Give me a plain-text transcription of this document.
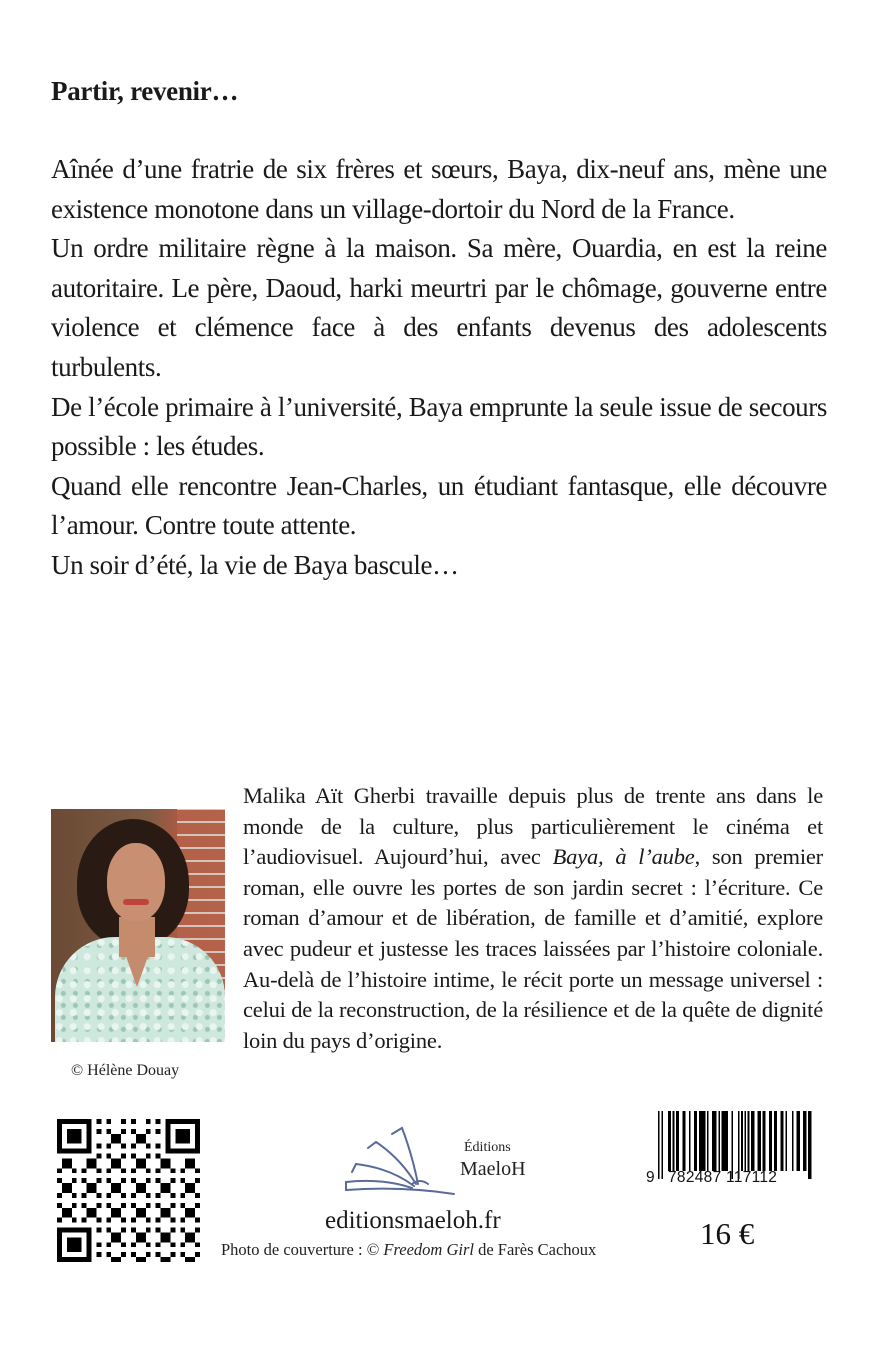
Partir, revenir…

Aînée d’une fratrie de six frères et sœurs, Baya, dix-neuf ans, mène une existence monotone dans un village-dortoir du Nord de la France.

Un ordre militaire règne à la maison. Sa mère, Ouardia, en est la reine autoritaire. Le père, Daoud, harki meurtri par le chômage, gouverne entre violence et clémence face à des enfants devenus des adolescents turbulents.

De l’école primaire à l’université, Baya emprunte la seule issue de secours possible : les études.

Quand elle rencontre Jean-Charles, un étudiant fantasque, elle découvre l’amour. Contre toute attente.

Un soir d’été, la vie de Baya bascule…

© Hélène Douay

Malika Aït Gherbi travaille depuis plus de trente ans dans le monde de la culture, plus particulièrement le cinéma et l’audiovisuel. Aujourd’hui, avec Baya, à l’aube, son premier roman, elle ouvre les portes de son jardin secret : l’écriture. Ce roman d’amour et de libération, de famille et d’amitié, explore avec pudeur et justesse les traces laissées par l’histoire coloniale. Au-delà de l’histoire intime, le récit porte un message universel : celui de la reconstruction, de la résilience et de la quête de dignité loin du pays d’origine.

Éditions
MaeloH
editionsmaeloh.fr
Photo de couverture : © Freedom Girl de Farès Cachoux
9 782487 117112
16 €
